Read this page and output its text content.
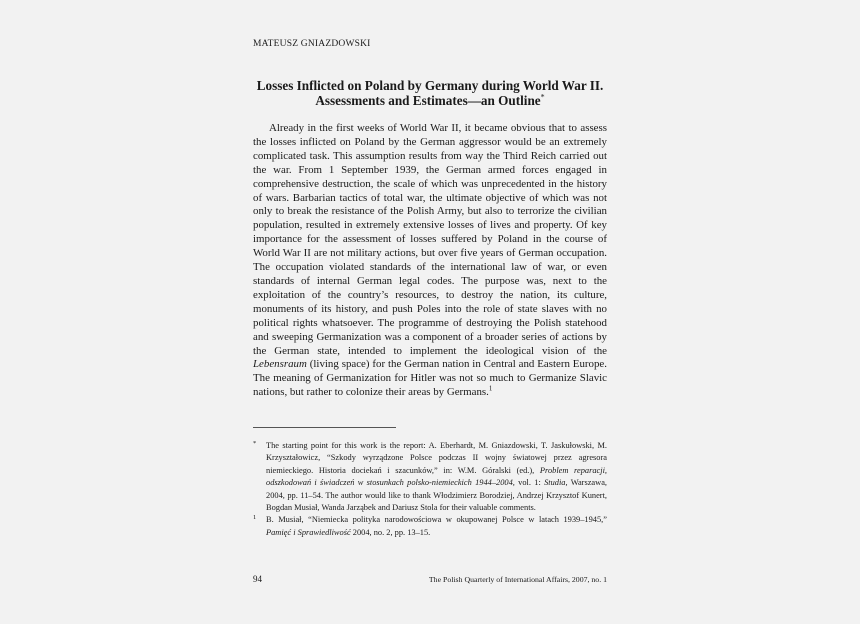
MATEUSZ GNIAZDOWSKI
Losses Inflicted on Poland by Germany during World War II.
Assessments and Estimates—an Outline*

Already in the first weeks of World War II, it became obvious that to assess the losses inflicted on Poland by the German aggressor would be an extremely complicated task. This assumption results from way the Third Reich carried out the war. From 1 September 1939, the German armed forces engaged in comprehensive destruction, the scale of which was unprecedented in the history of wars. Barbarian tactics of total war, the ultimate objective of which was not only to break the resistance of the Polish Army, but also to terrorize the civilian population, resulted in extremely extensive losses of lives and property. Of key importance for the assessment of losses suffered by Poland in the course of World War II are not military actions, but over five years of German occupation. The occupation violated standards of the international law of war, or even standards of internal German legal codes. The purpose was, next to the exploitation of the country’s resources, to destroy the nation, its culture, monuments of its history, and push Poles into the role of state slaves with no political rights whatsoever. The programme of destroying the Polish statehood and sweeping Germanization was a component of a broader series of actions by the German state, intended to implement the ideological vision of the Lebensraum (living space) for the German nation in Central and Eastern Europe. The meaning of Germanization for Hitler was not so much to Germanize Slavic nations, but rather to colonize their areas by Germans.$^1$

* The starting point for this work is the report: A. Eberhardt, M. Gniazdowski, T. Jaskułowski, M. Krzyształowicz, “Szkody wyrządzone Polsce podczas II wojny światowej przez agresora niemieckiego. Historia dociekań i szacunków,” in: W.M. Góralski (ed.), Problem reparacji, odszkodowań i świadczeń w stosunkach polsko-niemieckich 1944–2004, vol. 1: Studia, Warszawa, 2004, pp. 11–54. The author would like to thank Włodzimierz Borodziej, Andrzej Krzysztof Kunert, Bogdan Musiał, Wanda Jarząbek and Dariusz Stola for their valuable comments.
1 B. Musiał, “Niemiecka polityka narodowościowa w okupowanej Polsce w latach 1939–1945,” Pamięć i Sprawiedliwość 2004, no. 2, pp. 13–15.
94	The Polish Quarterly of International Affairs, 2007, no. 1
